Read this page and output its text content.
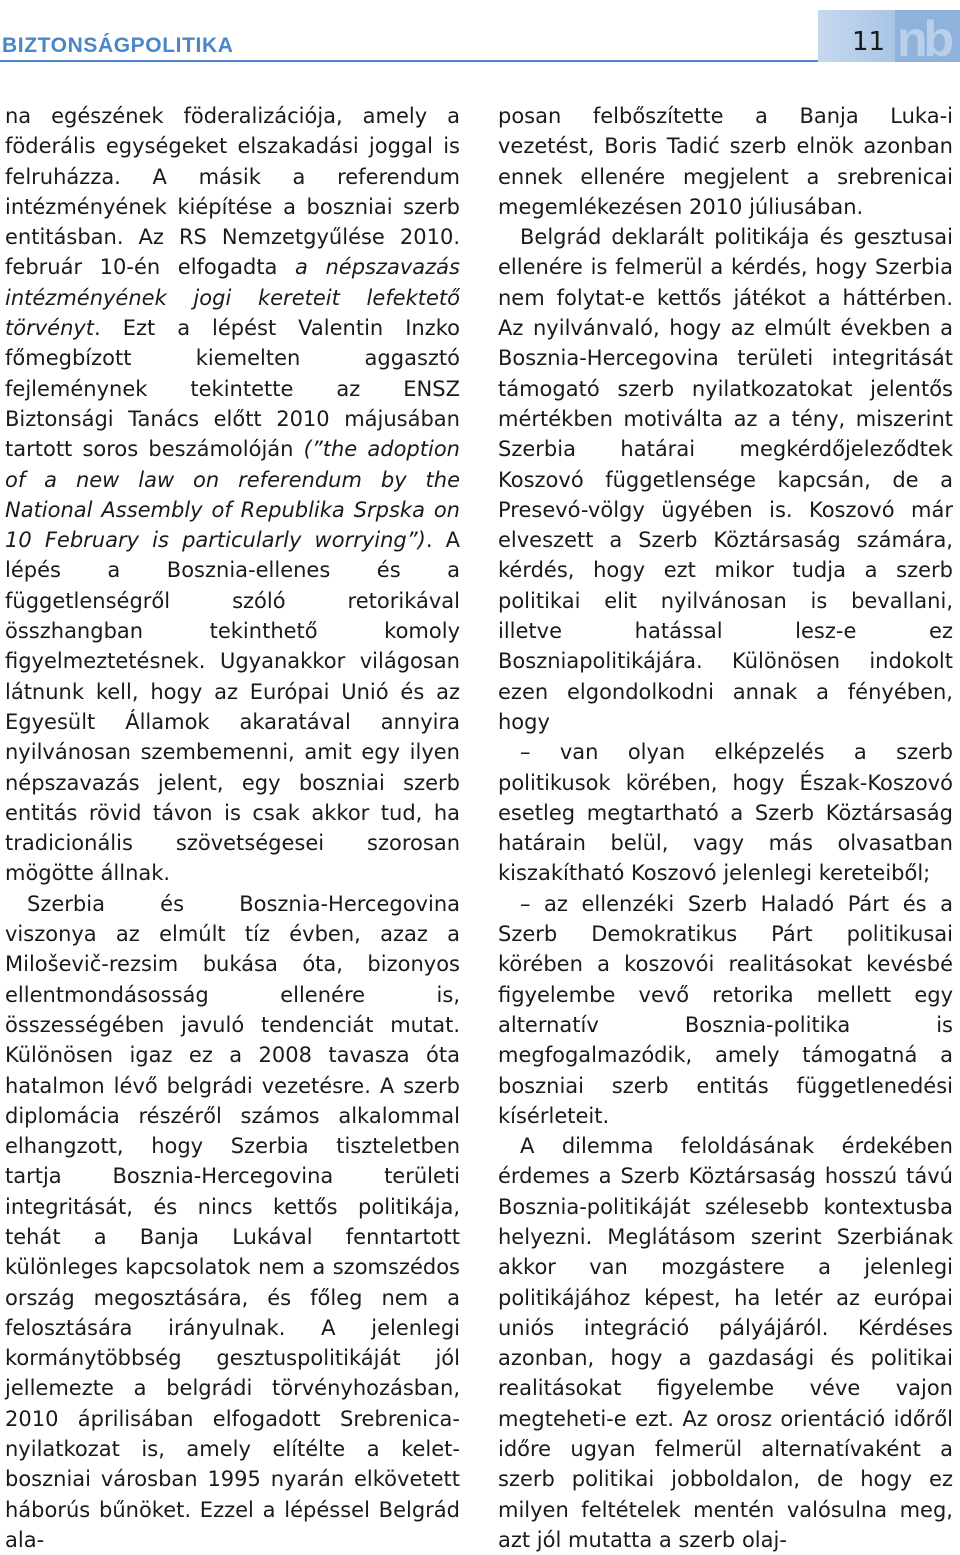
BIZTONSÁGPOLITIKA	11 nb

na egészének föderalizációja, amely a föderális egységeket elszakadási joggal is felruházza. A másik a referendum intézményének kiépítése a boszniai szerb entitásban. Az RS Nemzetgyűlése 2010. február 10-én elfogadta a népszavazás intézményének jogi kereteit lefektető törvényt. Ezt a lépést Valentin Inzko főmegbízott kiemelten aggasztó fejleménynek tekintette az ENSZ Biztonsági Tanács előtt 2010 májusában tartott soros beszámolóján (”the adoption of a new law on referendum by the National Assembly of Republika Srpska on 10 February is particularly worrying”). A lépés a Bosznia-ellenes és a függetlenségről szóló retorikával összhangban tekinthető komoly figyelmeztetésnek. Ugyanakkor világosan látnunk kell, hogy az Európai Unió és az Egyesült Államok akaratával annyira nyilvánosan szembemenni, amit egy ilyen népszavazás jelent, egy boszniai szerb entitás rövid távon is csak akkor tud, ha tradicionális szövetségesei szorosan mögötte állnak.

Szerbia és Bosznia-Hercegovina viszonya az elmúlt tíz évben, azaz a Miloševič-rezsim bukása óta, bizonyos ellentmondásosság ellenére is, összességében javuló tendenciát mutat. Különösen igaz ez a 2008 tavasza óta hatalmon lévő belgrádi vezetésre. A szerb diplomácia részéről számos alkalommal elhangzott, hogy Szerbia tiszteletben tartja Bosznia-Hercegovina területi integritását, és nincs kettős politikája, tehát a Banja Lukával fenntartott különleges kapcsolatok nem a szomszédos ország megosztására, és főleg nem a felosztására irányulnak. A jelenlegi kormánytöbbség gesztuspolitikáját jól jellemezte a belgrádi törvényhozásban, 2010 áprilisában elfogadott Srebrenica-nyilatkozat is, amely elítélte a kelet-boszniai városban 1995 nyarán elkövetett háborús bűnöket. Ezzel a lépéssel Belgrád ala-

posan felbőszítette a Banja Luka-i vezetést, Boris Tadić szerb elnök azonban ennek ellenére megjelent a srebrenicai megemlékezésen 2010 júliusában.

Belgrád deklarált politikája és gesztusai ellenére is felmerül a kérdés, hogy Szerbia nem folytat-e kettős játékot a háttérben. Az nyilvánvaló, hogy az elmúlt években a Bosznia-Hercegovina területi integritását támogató szerb nyilatkozatokat jelentős mértékben motiválta az a tény, miszerint Szerbia határai megkérdőjeleződtek Koszovó függetlensége kapcsán, de a Presevó-völgy ügyében is. Koszovó már elveszett a Szerb Köztársaság számára, kérdés, hogy ezt mikor tudja a szerb politikai elit nyilvánosan is bevallani, illetve hatással lesz-e ez Boszniapolitikájára. Különösen indokolt ezen elgondolkodni annak a fényében, hogy

– van olyan elképzelés a szerb politikusok körében, hogy Észak-Koszovó esetleg megtartható a Szerb Köztársaság határain belül, vagy más olvasatban kiszakítható Koszovó jelenlegi kereteiből;

– az ellenzéki Szerb Haladó Párt és a Szerb Demokratikus Párt politikusai körében a koszovói realitásokat kevésbé figyelembe vevő retorika mellett egy alternatív Bosznia-politika is megfogalmazódik, amely támogatná a boszniai szerb entitás függetlenedési kísérleteit.

A dilemma feloldásának érdekében érdemes a Szerb Köztársaság hosszú távú Bosznia-politikáját szélesebb kontextusba helyezni. Meglátásom szerint Szerbiának akkor van mozgástere a jelenlegi politikájához képest, ha letér az európai uniós integráció pályájáról. Kérdéses azonban, hogy a gazdasági és politikai realitásokat figyelembe véve vajon megteheti-e ezt. Az orosz orientáció időről időre ugyan felmerül alternatívaként a szerb politikai jobboldalon, de hogy ez milyen feltételek mentén valósulna meg, azt jól mutatta a szerb olaj-
